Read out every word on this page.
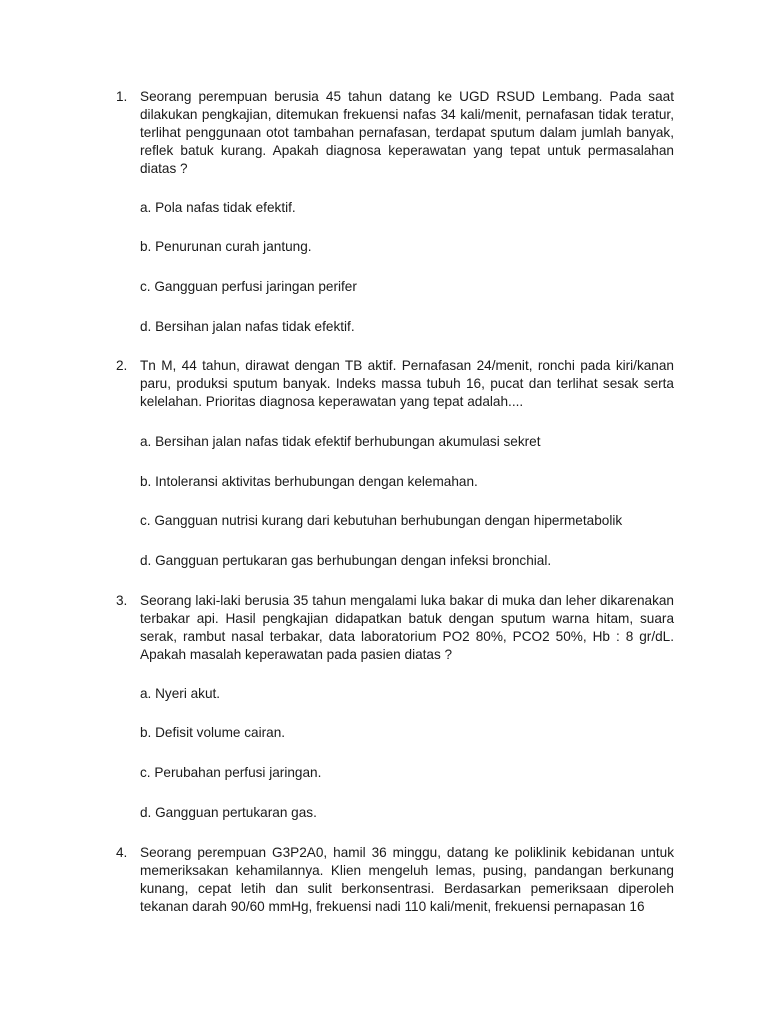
1. Seorang perempuan berusia 45 tahun datang ke UGD RSUD Lembang. Pada saat dilakukan pengkajian, ditemukan frekuensi nafas 34 kali/menit, pernafasan tidak teratur, terlihat penggunaan otot tambahan pernafasan, terdapat sputum dalam jumlah banyak, reflek batuk kurang. Apakah diagnosa keperawatan yang tepat untuk permasalahan diatas ?
a. Pola nafas tidak efektif.
b. Penurunan curah jantung.
c. Gangguan perfusi jaringan perifer
d. Bersihan jalan nafas tidak efektif.
2. Tn M, 44 tahun, dirawat dengan TB aktif. Pernafasan 24/menit, ronchi pada kiri/kanan paru, produksi sputum banyak. Indeks massa tubuh 16, pucat dan terlihat sesak serta kelelahan. Prioritas diagnosa keperawatan yang tepat adalah....
a. Bersihan jalan nafas tidak efektif berhubungan akumulasi sekret
b. Intoleransi aktivitas berhubungan dengan kelemahan.
c. Gangguan nutrisi kurang dari kebutuhan berhubungan dengan hipermetabolik
d. Gangguan pertukaran gas berhubungan dengan infeksi bronchial.
3. Seorang laki-laki berusia 35 tahun mengalami luka bakar di muka dan leher dikarenakan terbakar api. Hasil pengkajian didapatkan batuk dengan sputum warna hitam, suara serak, rambut nasal terbakar, data laboratorium PO2 80%, PCO2 50%, Hb : 8 gr/dL. Apakah masalah keperawatan pada pasien diatas ?
a. Nyeri akut.
b. Defisit volume cairan.
c. Perubahan perfusi jaringan.
d. Gangguan pertukaran gas.
4. Seorang perempuan G3P2A0, hamil 36 minggu, datang ke poliklinik kebidanan untuk memeriksakan kehamilannya. Klien mengeluh lemas, pusing, pandangan berkunang kunang, cepat letih dan sulit berkonsentrasi. Berdasarkan pemeriksaan diperoleh tekanan darah 90/60 mmHg, frekuensi nadi 110 kali/menit, frekuensi pernapasan 16
